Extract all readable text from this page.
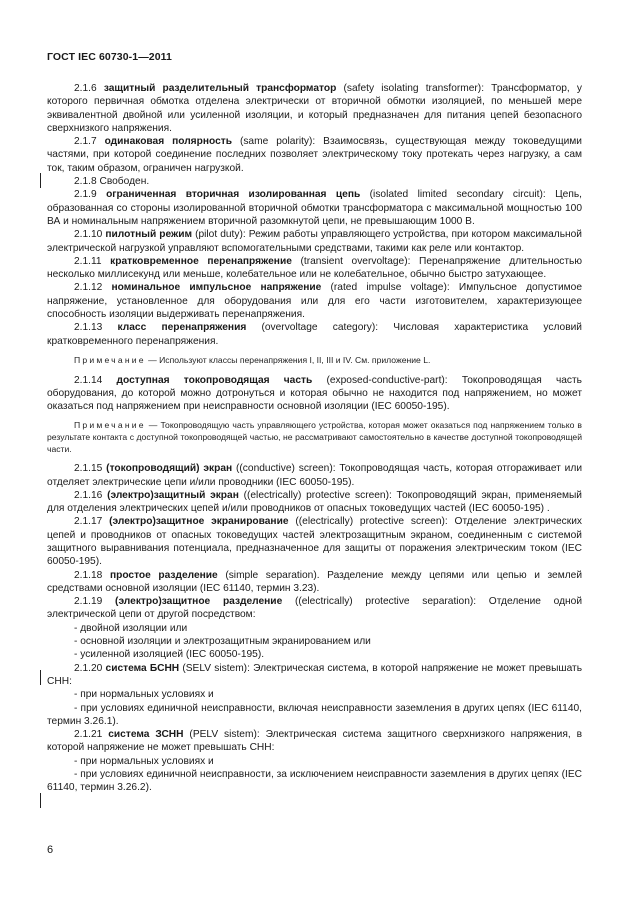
ГОСТ IEC 60730-1—2011

2.1.6 защитный разделительный трансформатор (safety isolating transformer): Трансформатор, у которого первичная обмотка отделена электрически от вторичной обмотки изоляцией, по меньшей мере эквивалентной двойной или усиленной изоляции, и который предназначен для питания цепей безопасного сверхнизкого напряжения.

2.1.7 одинаковая полярность (same polarity): Взаимосвязь, существующая между токоведущими частями, при которой соединение последних позволяет электрическому току протекать через нагрузку, а сам ток, таким образом, ограничен нагрузкой.

2.1.8 Свободен.

2.1.9 ограниченная вторичная изолированная цепь (isolated limited secondary circuit): Цепь, образованная со стороны изолированной вторичной обмотки трансформатора с максимальной мощностью 100 ВА и номинальным напряжением вторичной разомкнутой цепи, не превышающим 1000 В.

2.1.10 пилотный режим (pilot duty): Режим работы управляющего устройства, при котором максимальной электрической нагрузкой управляют вспомогательными средствами, такими как реле или контактор.

2.1.11 кратковременное перенапряжение (transient overvoltage): Перенапряжение длительностью несколько миллисекунд или меньше, колебательное или не колебательное, обычно быстро затухающее.

2.1.12 номинальное импульсное напряжение (rated impulse voltage): Импульсное допустимое напряжение, установленное для оборудования или для его части изготовителем, характеризующее способность изоляции выдерживать перенапряжения.

2.1.13 класс перенапряжения (overvoltage category): Числовая характеристика условий кратковременного перенапряжения.

Примечание — Используют классы перенапряжения I, II, III и IV. См. приложение L.

2.1.14 доступная токопроводящая часть (exposed-conductive-part): Токопроводящая часть оборудования, до которой можно дотронуться и которая обычно не находится под напряжением, но может оказаться под напряжением при неисправности основной изоляции (IEC 60050-195).

Примечание — Токопроводящую часть управляющего устройства, которая может оказаться под напряжением только в результате контакта с доступной токопроводящей частью, не рассматривают самостоятельно в качестве доступной токопроводящей части.

2.1.15 (токопроводящий) экран ((conductive) screen): Токопроводящая часть, которая отгораживает или отделяет электрические цепи и/или проводники (IEC 60050-195).

2.1.16 (электро)защитный экран ((electrically) protective screen): Токопроводящий экран, применяемый для отделения электрических цепей и/или проводников от опасных токоведущих частей (IEC 60050-195) .

2.1.17 (электро)защитное экранирование ((electrically) protective screen): Отделение электрических цепей и проводников от опасных токоведущих частей электрозащитным экраном, соединенным с системой защитного выравнивания потенциала, предназначенное для защиты от поражения электрическим током (IEC 60050-195).

2.1.18 простое разделение (simple separation). Разделение между цепями или цепью и землей средствами основной изоляции (IEC 61140, термин 3.23).

2.1.19 (электро)защитное разделение ((electrically) protective separation): Отделение одной электрической цепи от другой посредством:

- двойной изоляции или

- основной изоляции и электрозащитным экранированием или

- усиленной изоляцией (IEC 60050-195).

2.1.20 система БСНН (SELV sistem): Электрическая система, в которой напряжение не может превышать СНН:

- при нормальных условиях и

- при условиях единичной неисправности, включая неисправности заземления в других цепях (IEC 61140, термин 3.26.1).

2.1.21 система ЗСНН (PELV sistem): Электрическая система защитного сверхнизкого напряжения, в которой напряжение не может превышать СНН:

- при нормальных условиях и

- при условиях единичной неисправности, за исключением неисправности заземления в других цепях (IEC 61140, термин 3.26.2).

6
